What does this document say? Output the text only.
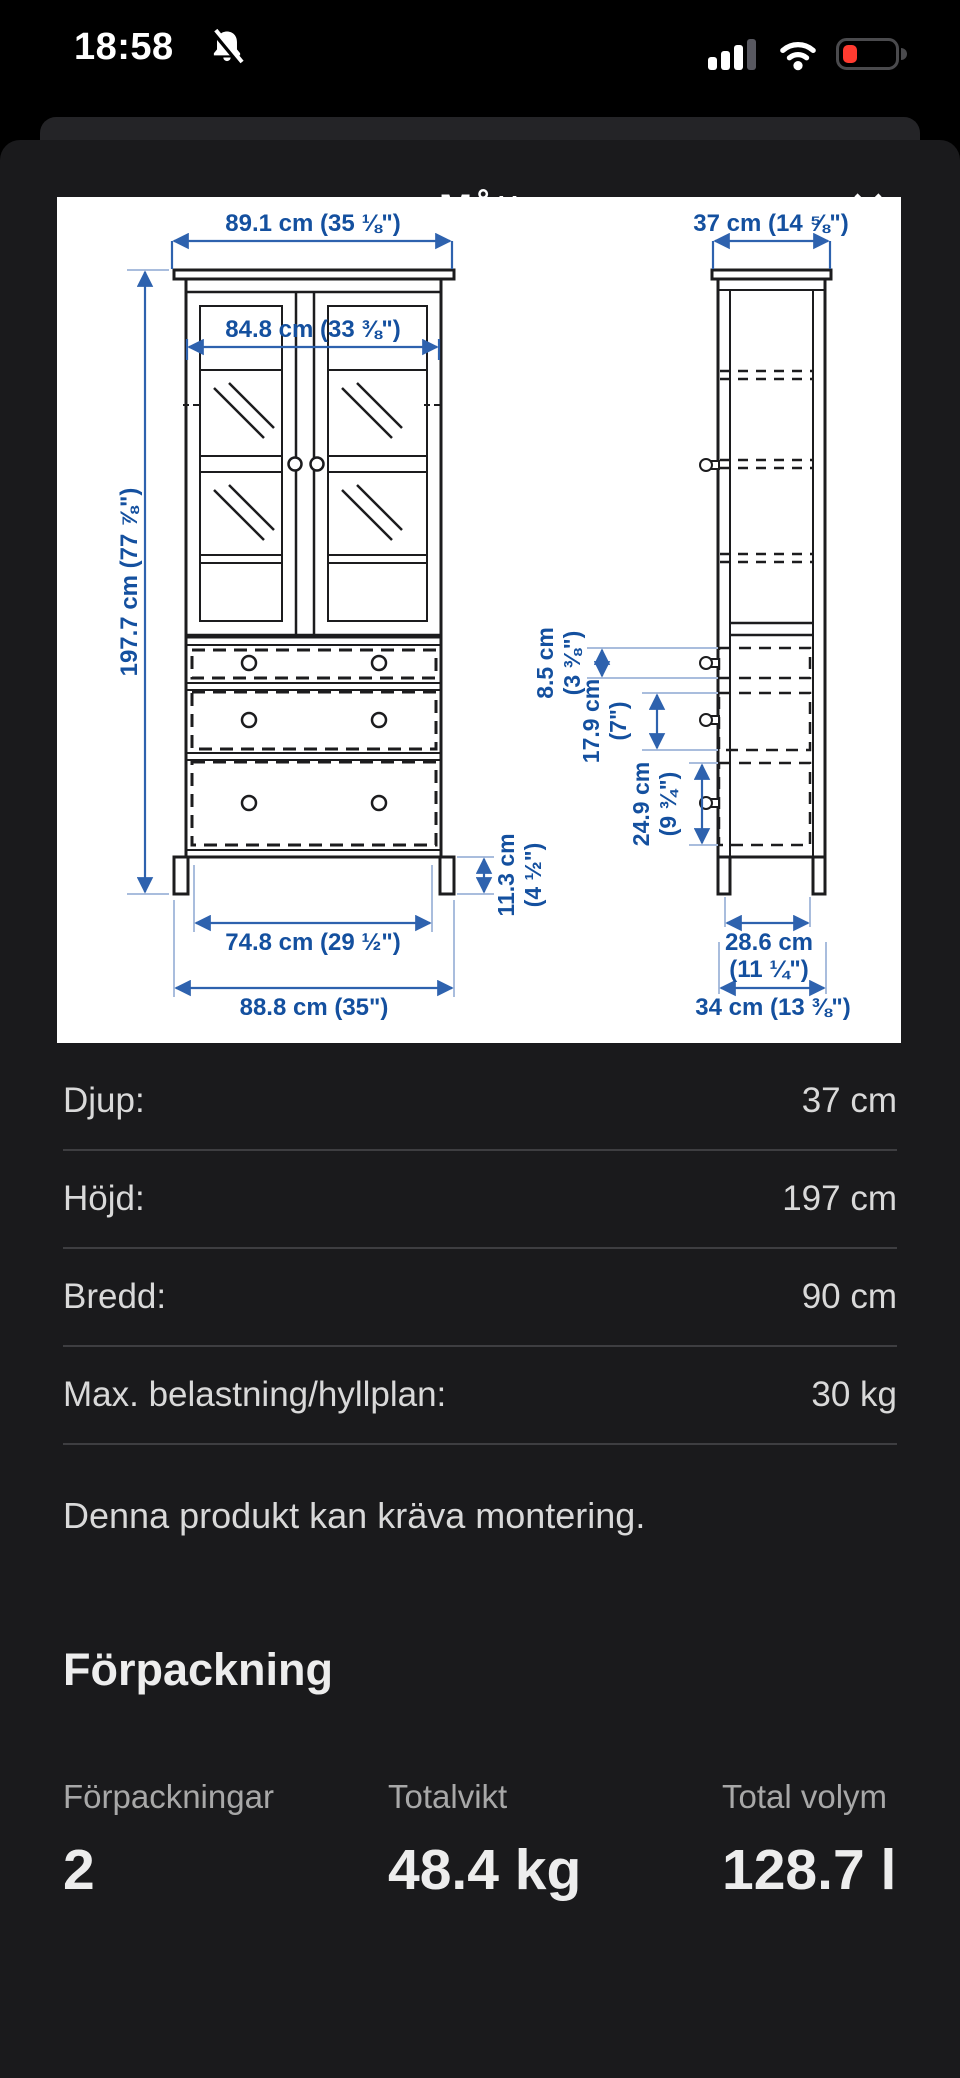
18:58
89.1 cm (35 ⅛")
84.8 cm (33 ⅜")
197.7 cm (77 ⅞")
11.3 cm (4 ½")
74.8 cm (29 ½")
88.8 cm (35")
37 cm (14 ⅝")
8.5 cm (3 ⅜")
17.9 cm (7")
24.9 cm (9 ¾")
28.6 cm
(11 ¼")
34 cm (13 ⅜")
Djup:	37 cm
Höjd:	197 cm
Bredd:	90 cm
Max. belastning/hyllplan:	30 kg
Denna produkt kan kräva montering.
Förpackning
Förpackningar
2
Totalvikt
48.4 kg
Total volym
128.7 l
